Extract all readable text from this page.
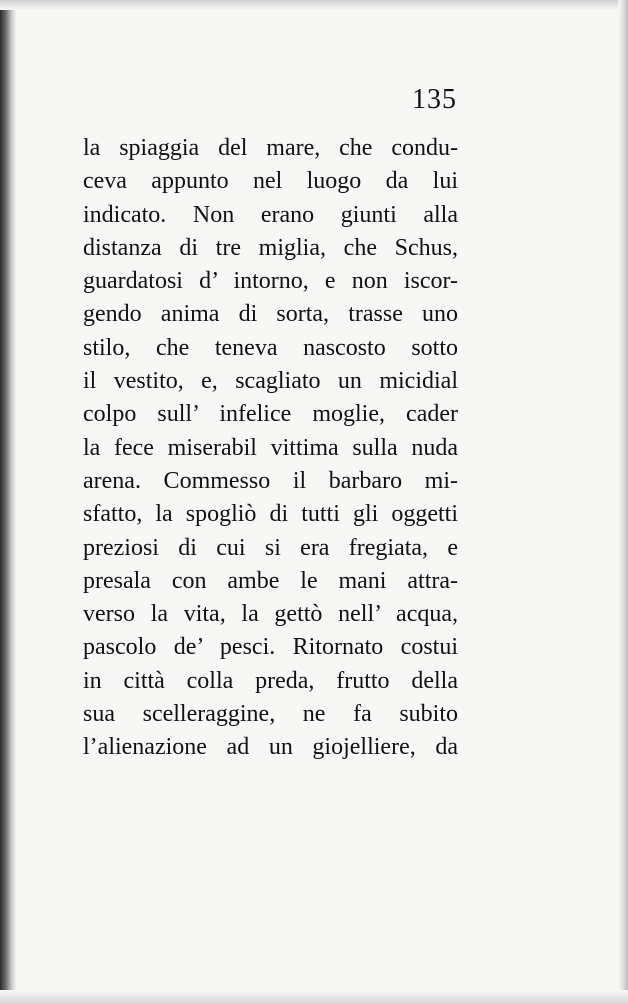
135
la spiaggia del mare, che condu-
ceva appunto nel luogo da lui
indicato. Non erano giunti alla
distanza di tre miglia, che Schus,
guardatosi d’ intorno, e non iscor-
gendo anima di sorta, trasse uno
stilo, che teneva nascosto sotto
il vestito, e, scagliato un micidial
colpo sull’ infelice moglie, cader
la fece miserabil vittima sulla nuda
arena. Commesso il barbaro mi-
sfatto, la spogliò di tutti gli oggetti
preziosi di cui si era fregiata, e
presala con ambe le mani attra-
verso la vita, la gettò nell’ acqua,
pascolo de’ pesci. Ritornato costui
in città colla preda, frutto della
sua scelleraggine, ne fa subito
l’alienazione ad un giojelliere, da
